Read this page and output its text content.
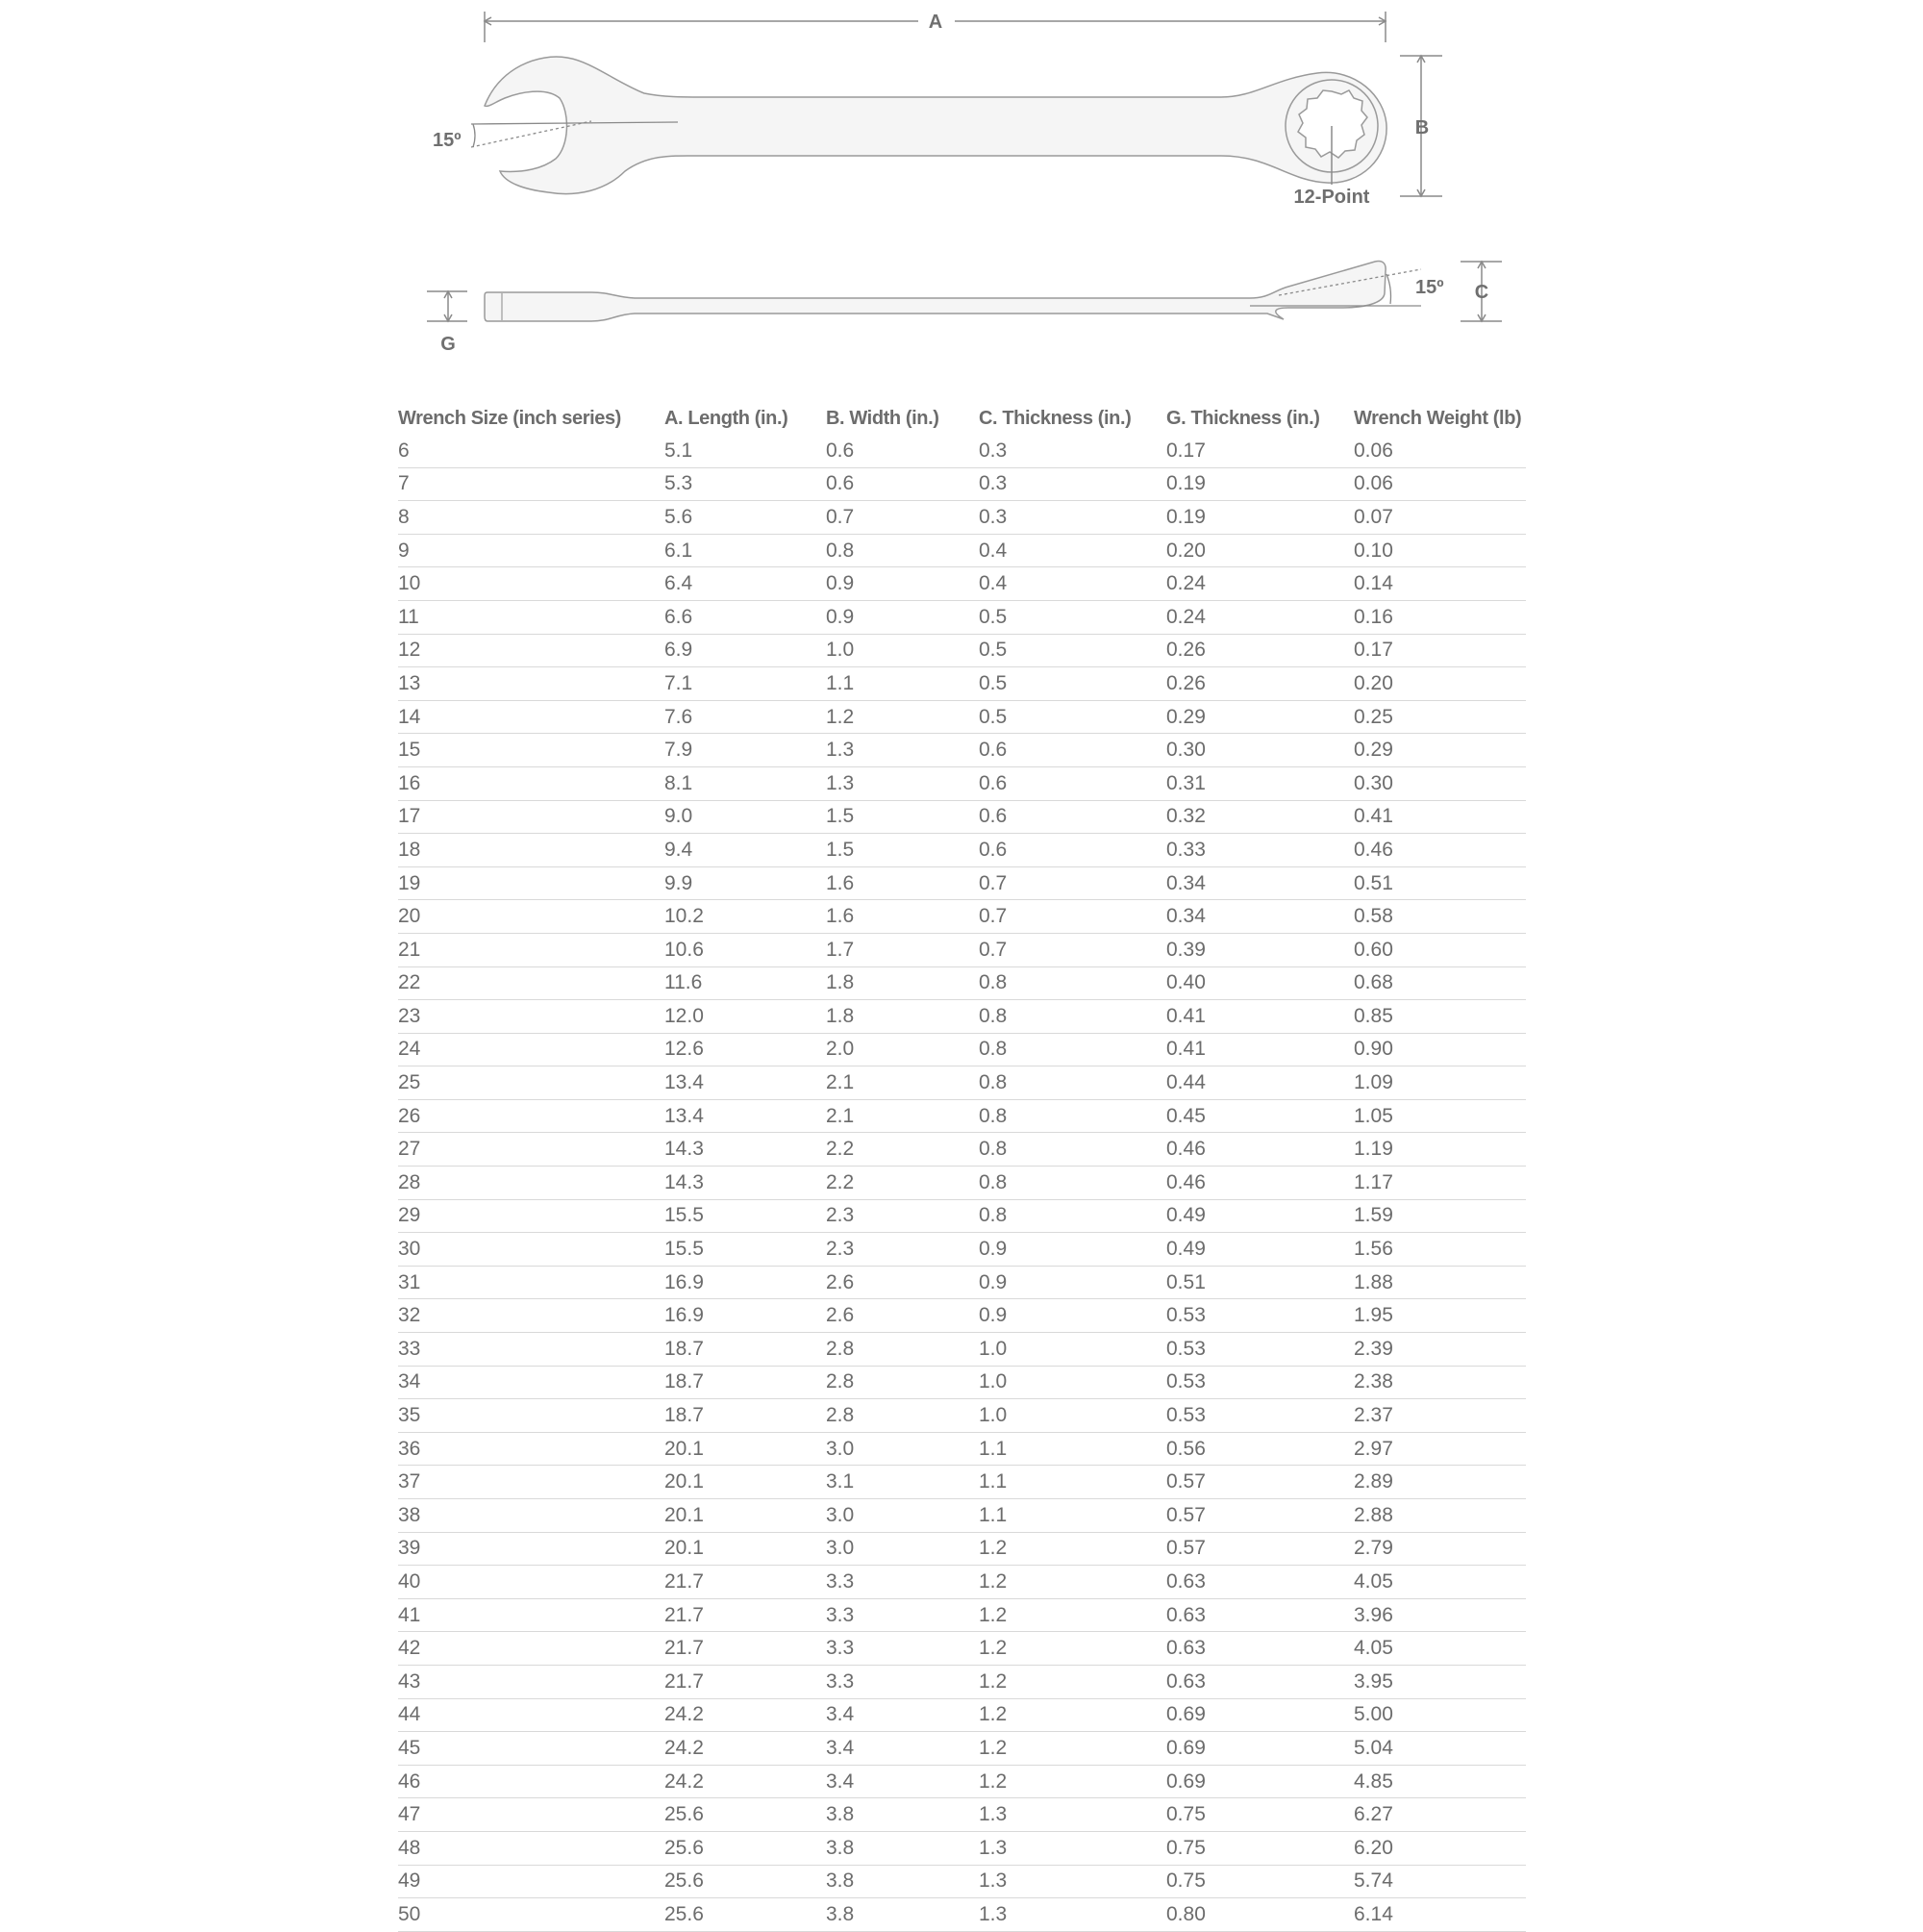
A
12-Point
B
15º
G
15º C
Wrench Size (inch series)	A. Length (in.)	B. Width (in.)	C. Thickness (in.)	G. Thickness (in.)	Wrench Weight (lb)
6	5.1	0.6	0.3	0.17	0.06
7	5.3	0.6	0.3	0.19	0.06
8	5.6	0.7	0.3	0.19	0.07
9	6.1	0.8	0.4	0.20	0.10
10	6.4	0.9	0.4	0.24	0.14
11	6.6	0.9	0.5	0.24	0.16
12	6.9	1.0	0.5	0.26	0.17
13	7.1	1.1	0.5	0.26	0.20
14	7.6	1.2	0.5	0.29	0.25
15	7.9	1.3	0.6	0.30	0.29
16	8.1	1.3	0.6	0.31	0.30
17	9.0	1.5	0.6	0.32	0.41
18	9.4	1.5	0.6	0.33	0.46
19	9.9	1.6	0.7	0.34	0.51
20	10.2	1.6	0.7	0.34	0.58
21	10.6	1.7	0.7	0.39	0.60
22	11.6	1.8	0.8	0.40	0.68
23	12.0	1.8	0.8	0.41	0.85
24	12.6	2.0	0.8	0.41	0.90
25	13.4	2.1	0.8	0.44	1.09
26	13.4	2.1	0.8	0.45	1.05
27	14.3	2.2	0.8	0.46	1.19
28	14.3	2.2	0.8	0.46	1.17
29	15.5	2.3	0.8	0.49	1.59
30	15.5	2.3	0.9	0.49	1.56
31	16.9	2.6	0.9	0.51	1.88
32	16.9	2.6	0.9	0.53	1.95
33	18.7	2.8	1.0	0.53	2.39
34	18.7	2.8	1.0	0.53	2.38
35	18.7	2.8	1.0	0.53	2.37
36	20.1	3.0	1.1	0.56	2.97
37	20.1	3.1	1.1	0.57	2.89
38	20.1	3.0	1.1	0.57	2.88
39	20.1	3.0	1.2	0.57	2.79
40	21.7	3.3	1.2	0.63	4.05
41	21.7	3.3	1.2	0.63	3.96
42	21.7	3.3	1.2	0.63	4.05
43	21.7	3.3	1.2	0.63	3.95
44	24.2	3.4	1.2	0.69	5.00
45	24.2	3.4	1.2	0.69	5.04
46	24.2	3.4	1.2	0.69	4.85
47	25.6	3.8	1.3	0.75	6.27
48	25.6	3.8	1.3	0.75	6.20
49	25.6	3.8	1.3	0.75	5.74
50	25.6	3.8	1.3	0.80	6.14
